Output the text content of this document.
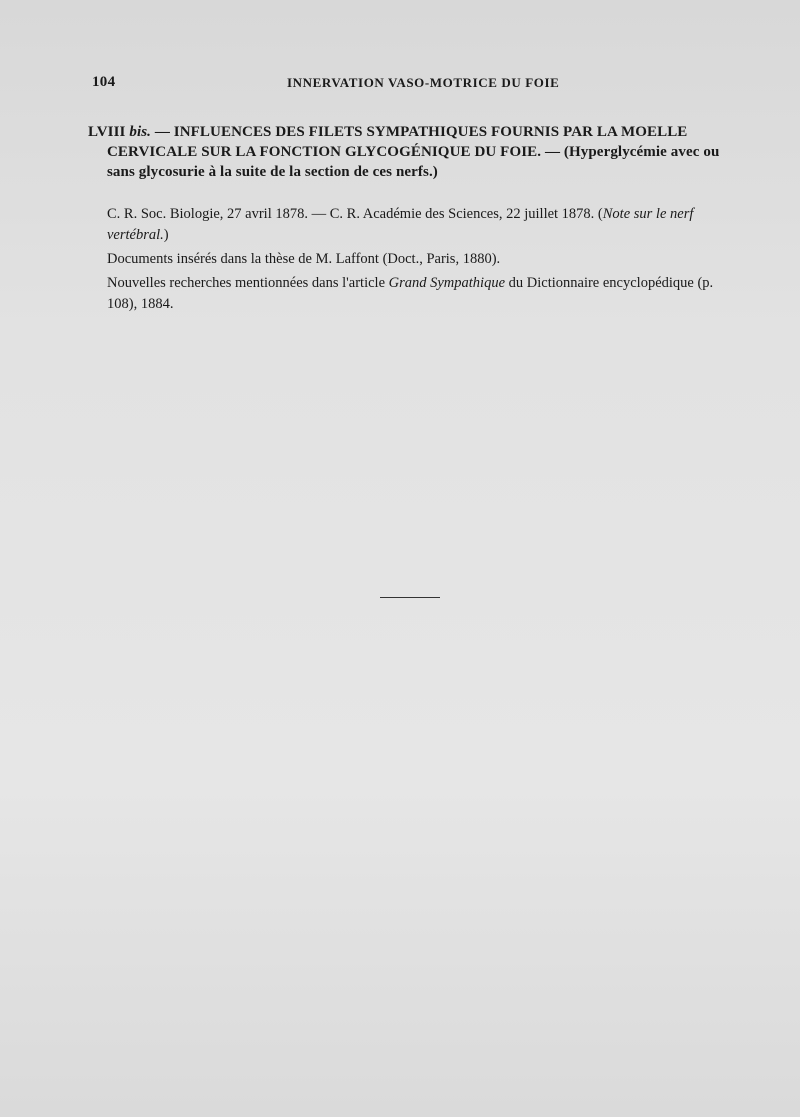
104	INNERVATION VASO-MOTRICE DU FOIE

LVIII bis. — INFLUENCES DES FILETS SYMPATHIQUES FOURNIS PAR LA MOELLE CERVICALE SUR LA FONCTION GLYCOGÉNIQUE DU FOIE. — (Hyperglycémie avec ou sans glycosurie à la suite de la section de ces nerfs.)

C. R. Soc. Biologie, 27 avril 1878. — C. R. Académie des Sciences, 22 juillet 1878. (Note sur le nerf vertébral.)

Documents insérés dans la thèse de M. Laffont (Doct., Paris, 1880).

Nouvelles recherches mentionnées dans l'article Grand Sympathique du Dictionnaire encyclopédique (p. 108), 1884.
